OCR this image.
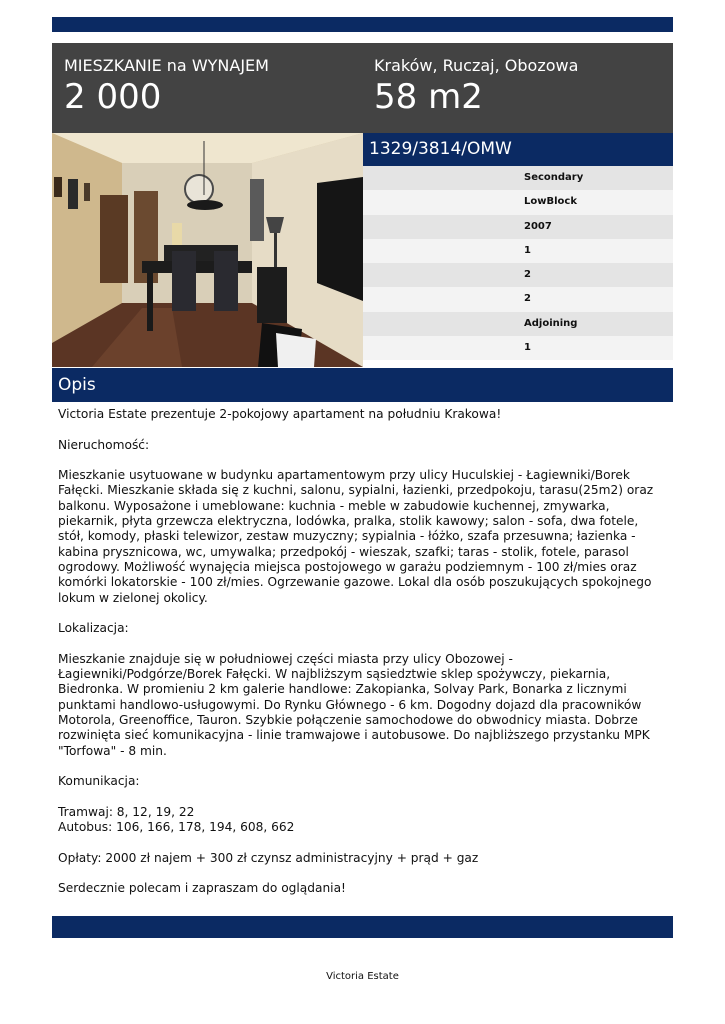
MIESZKANIE na WYNAJEM
2 000
Kraków, Ruczaj, Obozowa
58 m2
1329/3814/OMW
Secondary
LowBlock
2007
1
2
2
Adjoining
1
Opis
Victoria Estate prezentuje 2-pokojowy apartament na południu Krakowa!

Nieruchomość:

Mieszkanie usytuowane w budynku apartamentowym przy ulicy Huculskiej - Łagiewniki/Borek Fałęcki. Mieszkanie składa się z kuchni, salonu, sypialni, łazienki, przedpokoju, tarasu(25m2) oraz balkonu. Wyposażone i umeblowane: kuchnia - meble w zabudowie kuchennej, zmywarka, piekarnik, płyta grzewcza elektryczna, lodówka, pralka, stolik kawowy; salon - sofa, dwa fotele, stół, komody, płaski telewizor, zestaw muzyczny; sypialnia - łóżko, szafa przesuwna; łazienka - kabina prysznicowa, wc, umywalka; przedpokój - wieszak, szafki; taras - stolik, fotele, parasol ogrodowy. Możliwość wynajęcia miejsca postojowego w garażu podziemnym - 100 zł/mies oraz komórki lokatorskie - 100 zł/mies. Ogrzewanie gazowe. Lokal dla osób poszukujących spokojnego lokum w zielonej okolicy.

Lokalizacja:

Mieszkanie znajduje się w południowej części miasta przy ulicy Obozowej - Łagiewniki/Podgórze/Borek Fałęcki. W najbliższym sąsiedztwie sklep spożywczy, piekarnia, Biedronka. W promieniu 2 km galerie handlowe: Zakopianka, Solvay Park, Bonarka z licznymi punktami handlowo-usługowymi. Do Rynku Głównego - 6 km. Dogodny dojazd dla pracowników Motorola, Greenoffice, Tauron. Szybkie połączenie samochodowe do obwodnicy miasta. Dobrze rozwinięta sieć komunikacyjna - linie tramwajowe i autobusowe. Do najbliższego przystanku MPK "Torfowa" - 8 min.

Komunikacja:

Tramwaj: 8, 12, 19, 22
Autobus: 106, 166, 178, 194, 608, 662

Opłaty: 2000 zł najem + 300 zł czynsz administracyjny + prąd + gaz

Serdecznie polecam i zapraszam do oglądania!
Victoria Estate
